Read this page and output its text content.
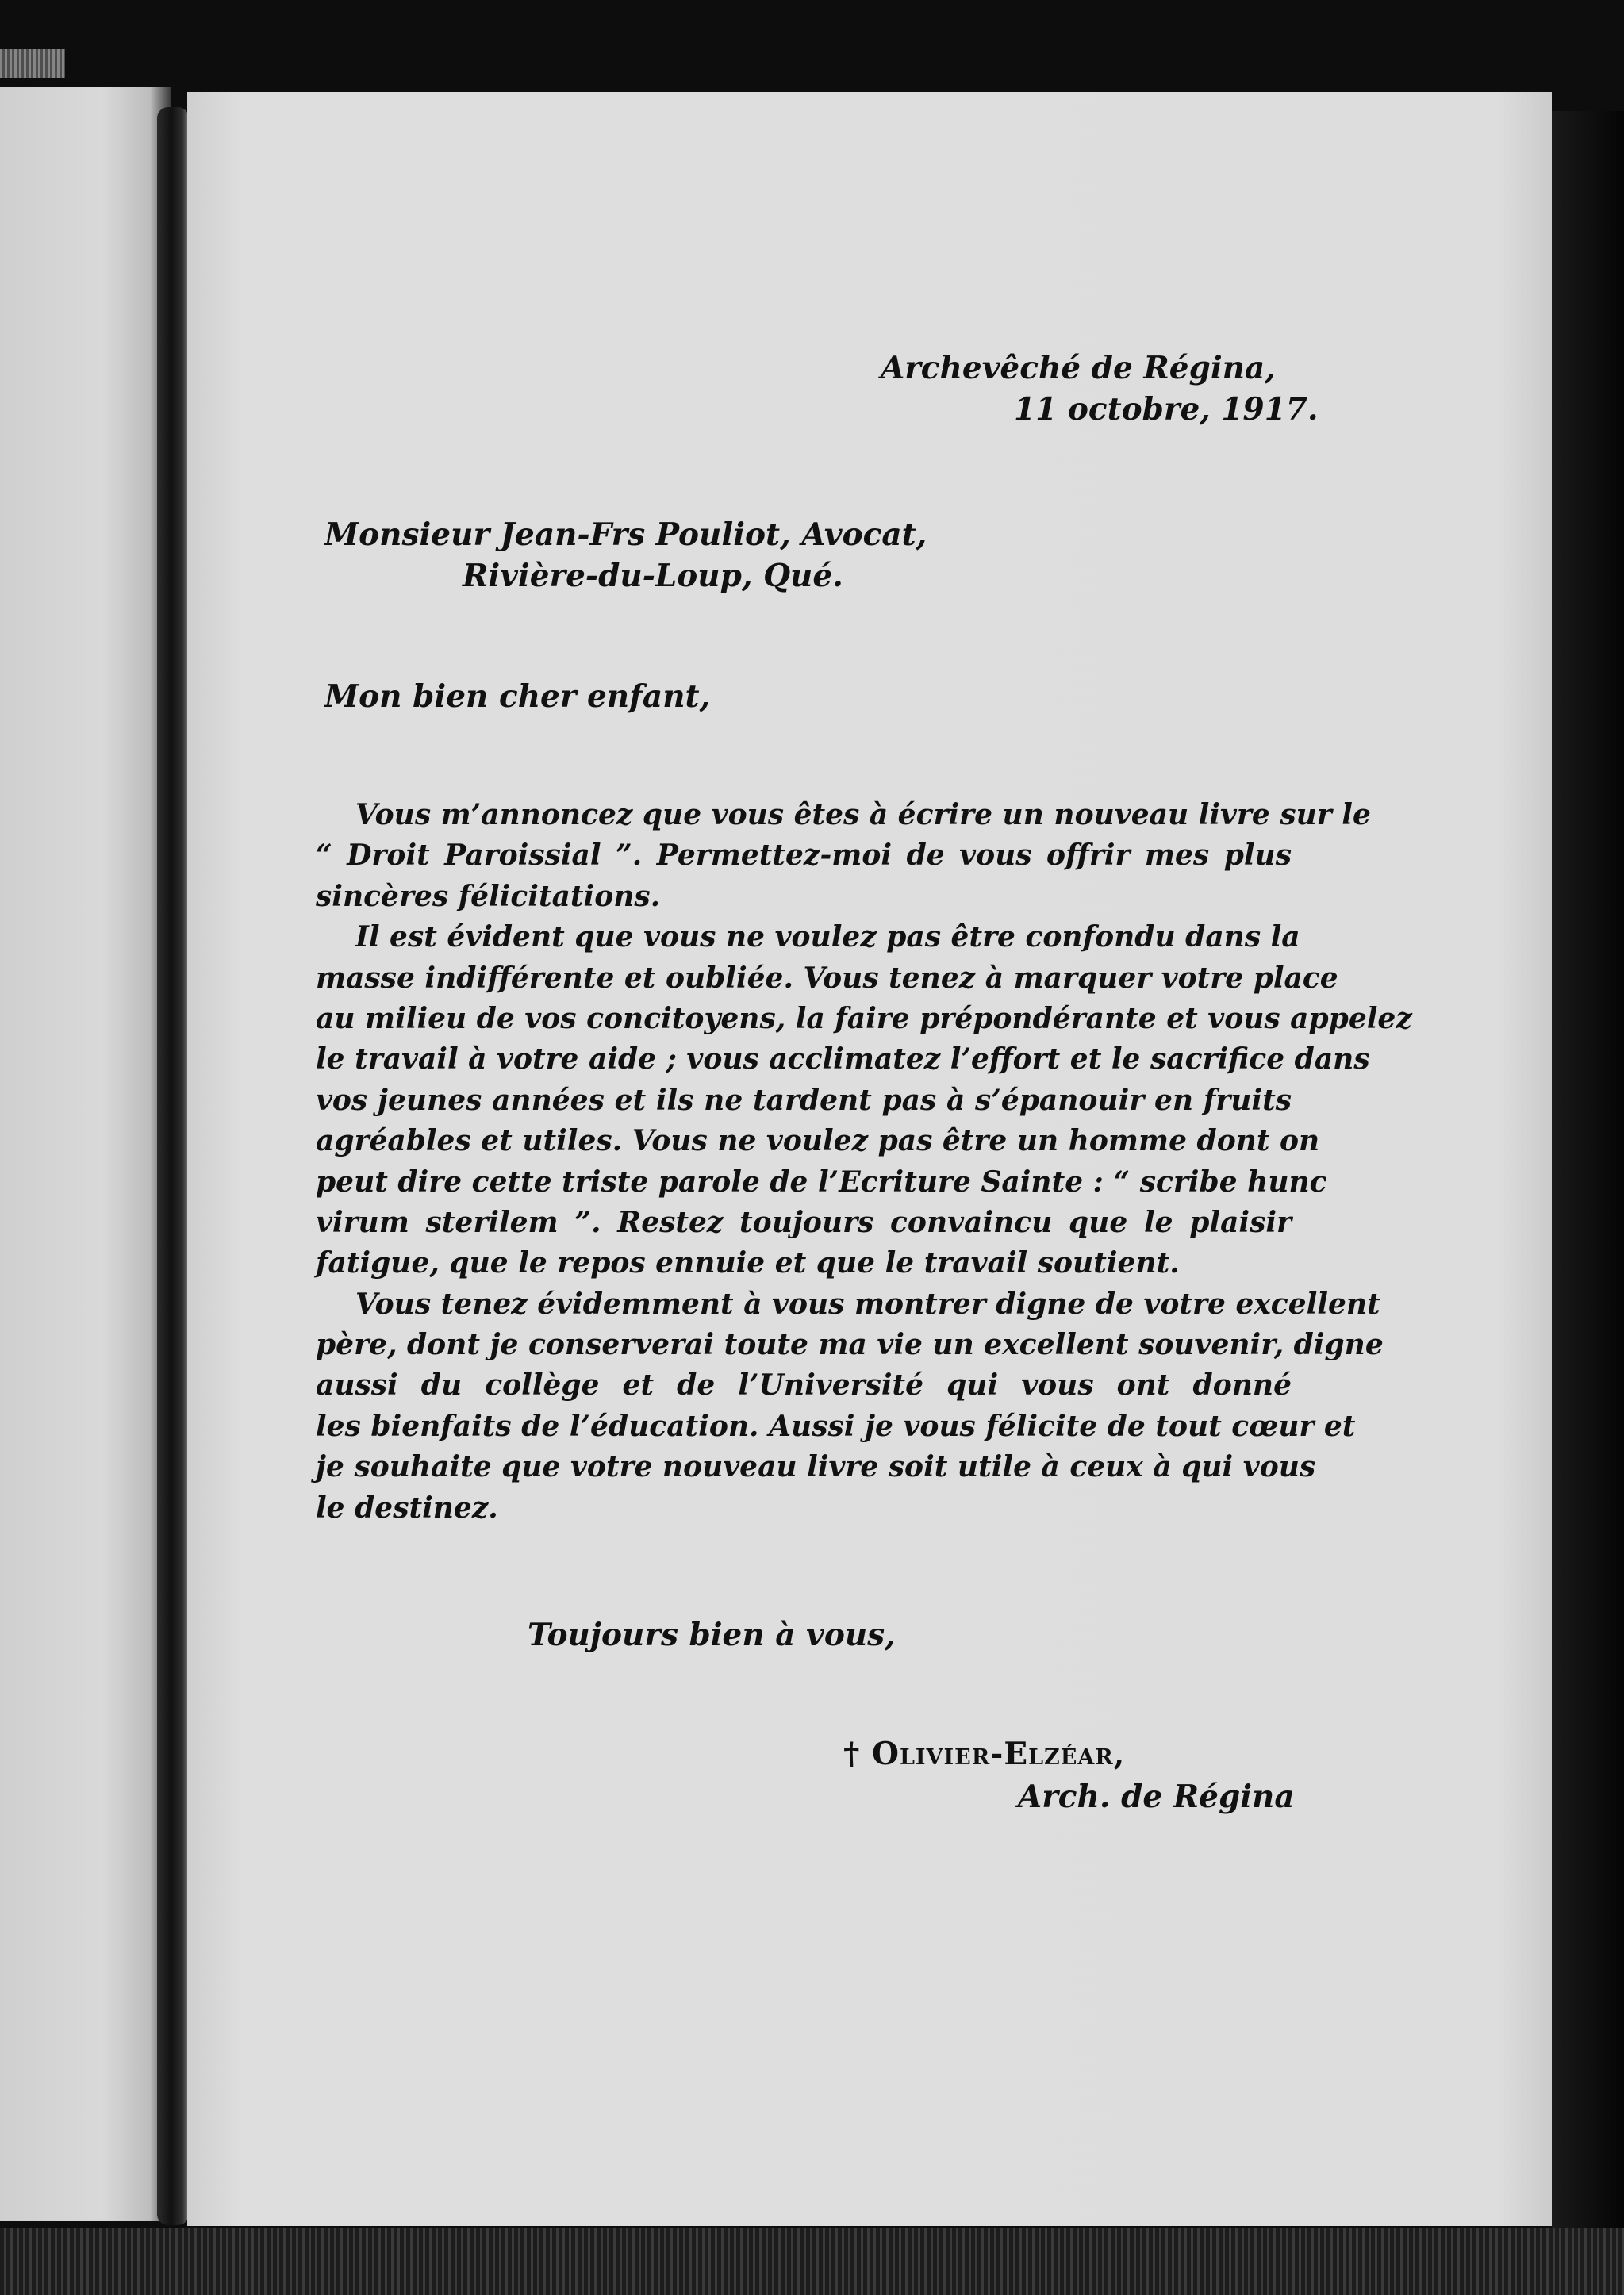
Archevêché de Régina,
11 octobre, 1917.
Monsieur Jean-Frs Pouliot, Avocat,
Rivière-du-Loup, Qué.
Mon bien cher enfant,
Vous m’annoncez que vous êtes à écrire un nouveau livre sur le
“ Droit Paroissial ”. Permettez-moi de vous offrir mes plus
sincères félicitations.
Il est évident que vous ne voulez pas être confondu dans la
masse indifférente et oubliée. Vous tenez à marquer votre place
au milieu de vos concitoyens, la faire prépondérante et vous appelez
le travail à votre aide ; vous acclimatez l’effort et le sacrifice dans
vos jeunes années et ils ne tardent pas à s’épanouir en fruits
agréables et utiles. Vous ne voulez pas être un homme dont on
peut dire cette triste parole de l’Ecriture Sainte : “ scribe hunc
virum sterilem ”. Restez toujours convaincu que le plaisir
fatigue, que le repos ennuie et que le travail soutient.
Vous tenez évidemment à vous montrer digne de votre excellent
père, dont je conserverai toute ma vie un excellent souvenir, digne
aussi du collège et de l’Université qui vous ont donné
les bienfaits de l’éducation. Aussi je vous félicite de tout cœur et
je souhaite que votre nouveau livre soit utile à ceux à qui vous
le destinez.
Toujours bien à vous,
† Olivier-Elzéar,
Arch. de Régina
